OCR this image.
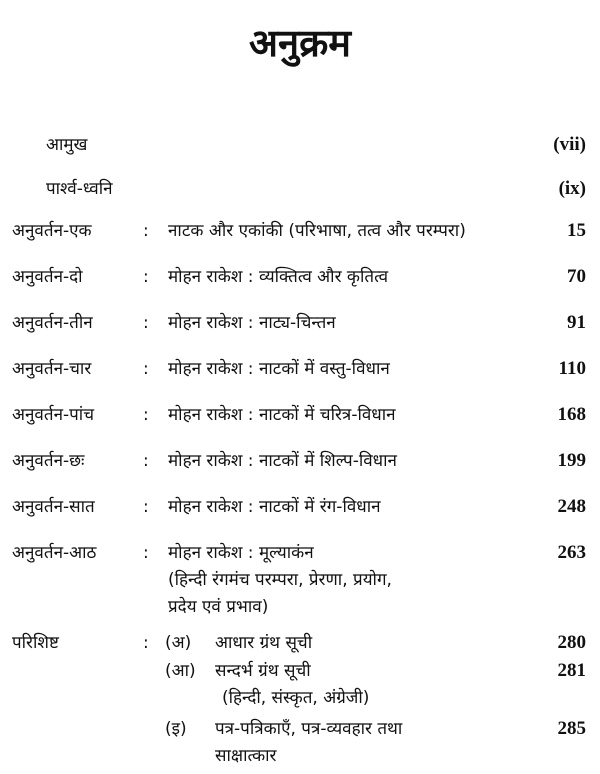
अनुक्रम
आमुख	(vii)
पार्श्व-ध्वनि	(ix)
अनुवर्तन-एक	: नाटक और एकांकी (परिभाषा, तत्व और परम्परा)	15
अनुवर्तन-दो	: मोहन राकेश : व्यक्तित्व और कृतित्व	70
अनुवर्तन-तीन	: मोहन राकेश : नाट्य-चिन्तन	91
अनुवर्तन-चार	: मोहन राकेश : नाटकों में वस्तु-विधान	110
अनुवर्तन-पांच	: मोहन राकेश : नाटकों में चरित्र-विधान	168
अनुवर्तन-छः	: मोहन राकेश : नाटकों में शिल्प-विधान	199
अनुवर्तन-सात	: मोहन राकेश : नाटकों में रंग-विधान	248
अनुवर्तन-आठ	: मोहन राकेश : मूल्याकंन	263
(हिन्दी रंगमंच परम्परा, प्रेरणा, प्रयोग,
प्रदेय एवं प्रभाव)
परिशिष्ट	: (अ) आधार ग्रंथ सूची	280
(आ) सन्दर्भ ग्रंथ सूची	281
(हिन्दी, संस्कृत, अंग्रेजी)
(इ) पत्र-पत्रिकाएँ, पत्र-व्यवहार तथा	285
साक्षात्कार
